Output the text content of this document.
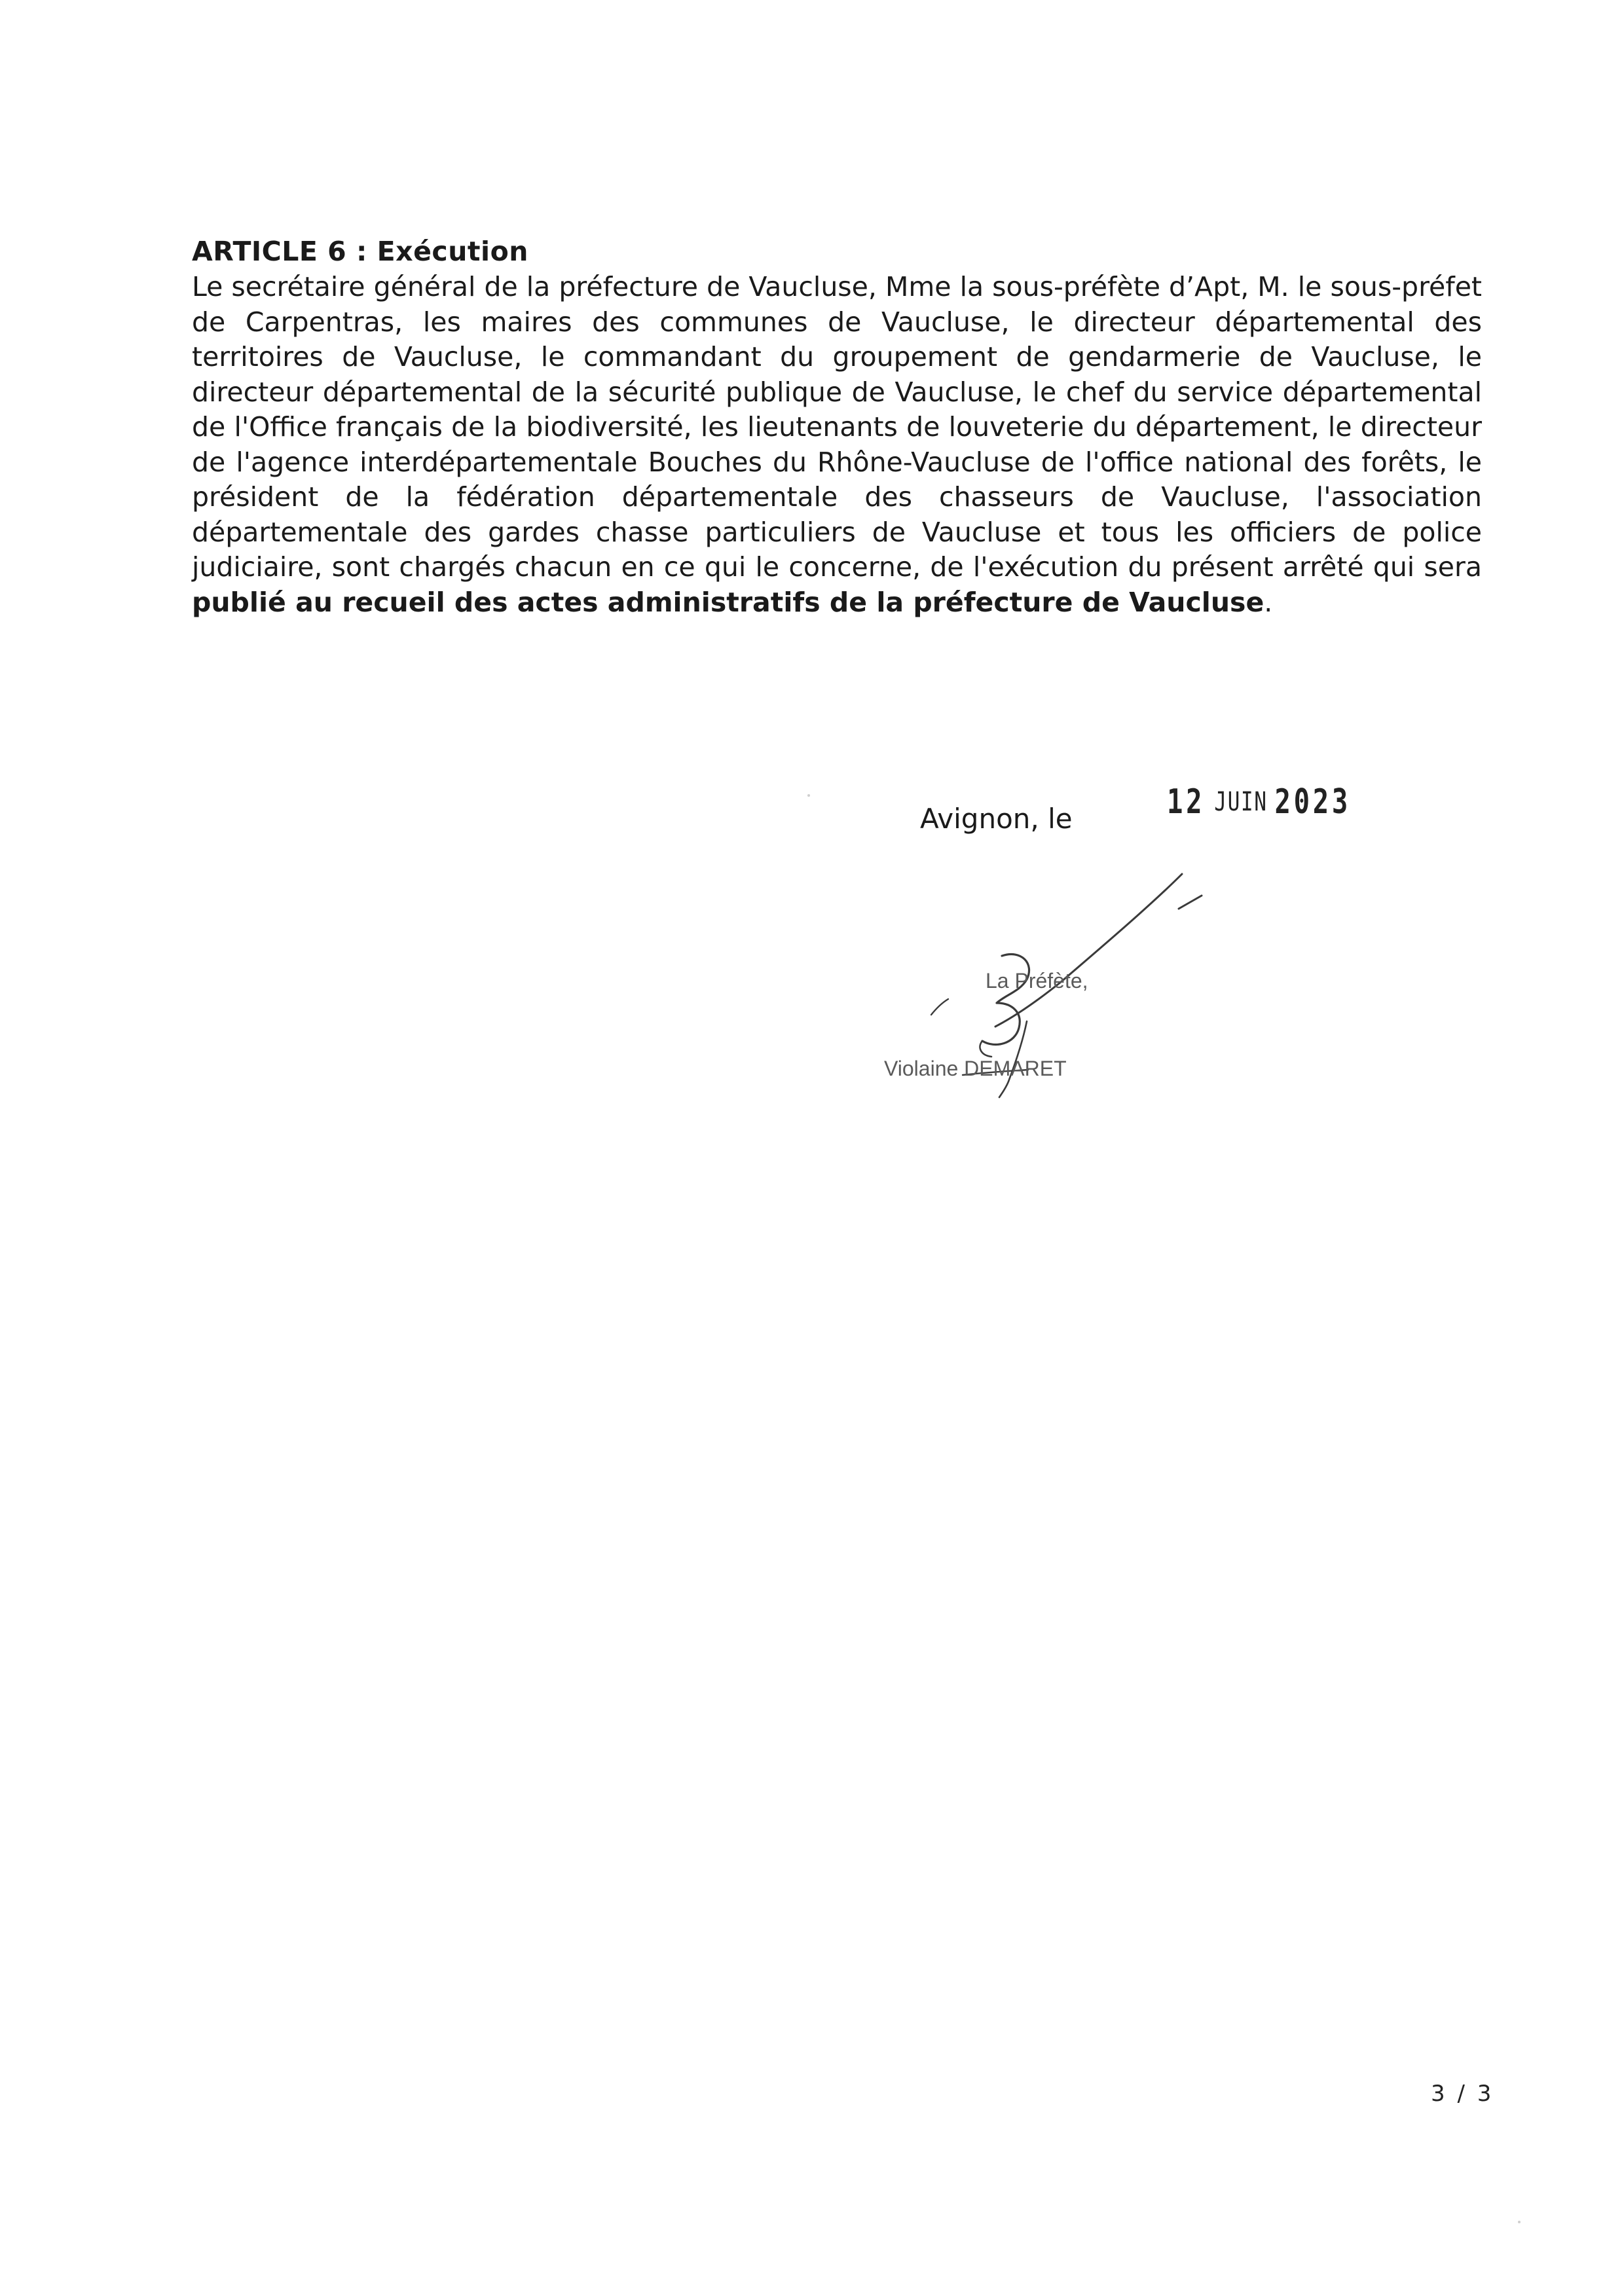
ARTICLE 6 : Exécution

Le secrétaire général de la préfecture de Vaucluse, Mme la sous-préfète d’Apt, M. le sous-préfet de Carpentras, les maires des communes de Vaucluse, le directeur départemental des territoires de Vaucluse, le commandant du groupement de gendarmerie de Vaucluse, le directeur départemental de la sécurité publique de Vaucluse, le chef du service départemental de l'Office français de la biodiversité, les lieutenants de louveterie du département, le directeur de l'agence interdépartementale Bouches du Rhône-Vaucluse de l'office national des forêts, le président de la fédération départementale des chasseurs de Vaucluse, l'association départementale des gardes chasse particuliers de Vaucluse et tous les officiers de police judiciaire, sont chargés chacun en ce qui le concerne, de l'exécution du présent arrêté qui sera publié au recueil des actes administratifs de la préfecture de Vaucluse.

Avignon, le	12 JUIN 2023
La Préfète,
Violaine DEMARET
3 / 3
